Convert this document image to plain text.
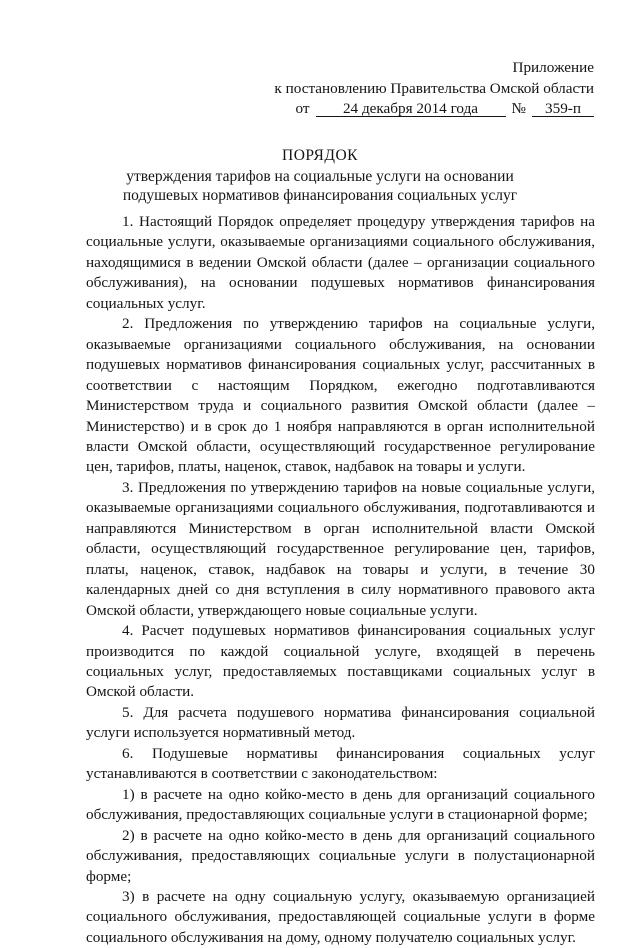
Приложение
к постановлению Правительства Омской области
от	24 декабря 2014 года	№	359-п
ПОРЯДОК
утверждения тарифов на социальные услуги на основании подушевых нормативов финансирования социальных услуг

1. Настоящий Порядок определяет процедуру утверждения тарифов на социальные услуги, оказываемые организациями социального обслуживания, находящимися в ведении Омской области (далее – организации социального обслуживания), на основании подушевых нормативов финансирования социальных услуг.

2. Предложения по утверждению тарифов на социальные услуги, оказываемые организациями социального обслуживания, на основании подушевых нормативов финансирования социальных услуг, рассчитанных в соответствии с настоящим Порядком, ежегодно подготавливаются Министерством труда и социального развития Омской области (далее – Министерство) и в срок до 1 ноября направляются в орган исполнительной власти Омской области, осуществляющий государственное регулирование цен, тарифов, платы, наценок, ставок, надбавок на товары и услуги.

3. Предложения по утверждению тарифов на новые социальные услуги, оказываемые организациями социального обслуживания, подготавливаются и направляются Министерством в орган исполнительной власти Омской области, осуществляющий государственное регулирование цен, тарифов, платы, наценок, ставок, надбавок на товары и услуги, в течение 30 календарных дней со дня вступления в силу нормативного правового акта Омской области, утверждающего новые социальные услуги.

4. Расчет подушевых нормативов финансирования социальных услуг производится по каждой социальной услуге, входящей в перечень социальных услуг, предоставляемых поставщиками социальных услуг в Омской области.

5. Для расчета подушевого норматива финансирования социальной услуги используется нормативный метод.

6. Подушевые нормативы финансирования социальных услуг устанавливаются в соответствии с законодательством:

1) в расчете на одно койко-место в день для организаций социального обслуживания, предоставляющих социальные услуги в стационарной форме;

2) в расчете на одно койко-место в день для организаций социального обслуживания, предоставляющих социальные услуги в полустационарной форме;

3) в расчете на одну социальную услугу, оказываемую организацией социального обслуживания, предоставляющей социальные услуги в форме социального обслуживания на дому, одному получателю социальных услуг.
